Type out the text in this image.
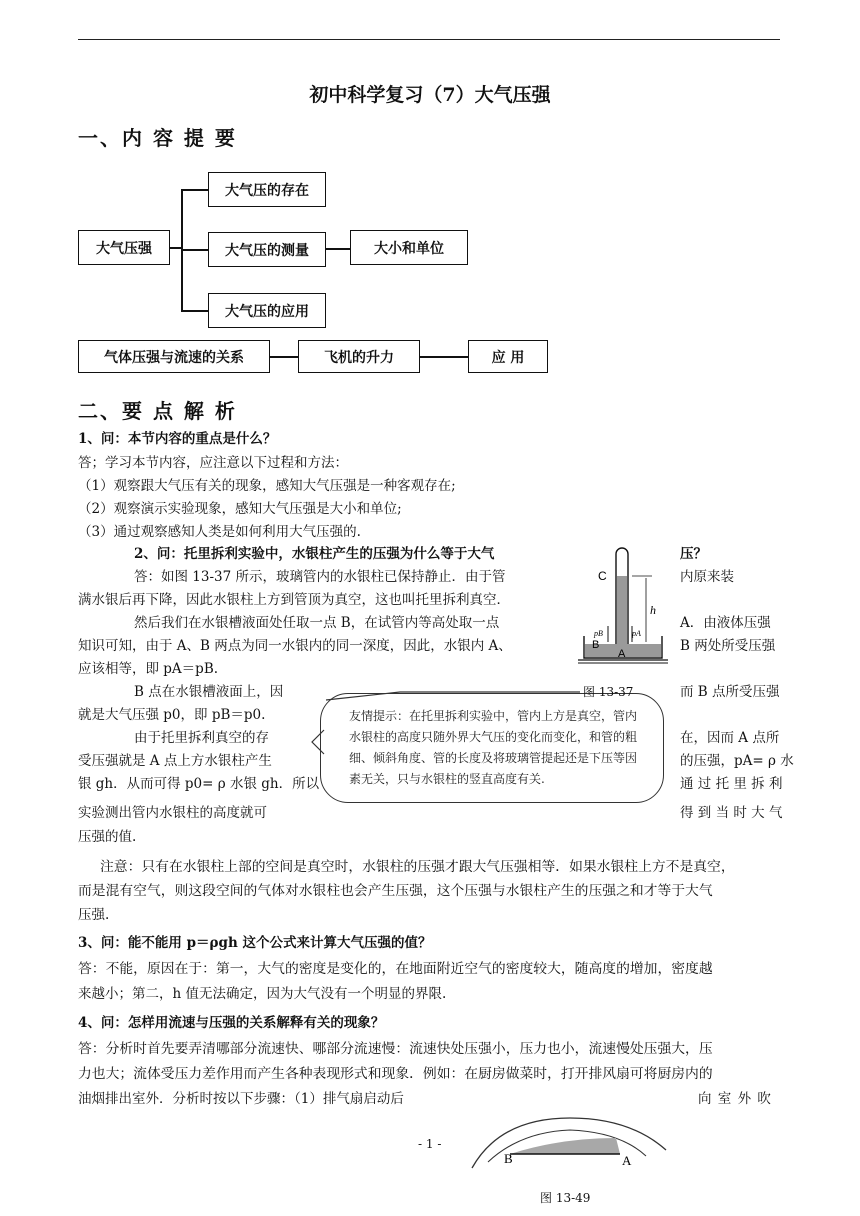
初中科学复习（7）大气压强
一、内 容 提 要
大气压强
大气压的存在
大气压的测量	大小和单位
大气压的应用
气体压强与流速的关系	飞机的升力	应 用
二、要 点 解 析
1、问：本节内容的重点是什么？
答；学习本节内容，应注意以下过程和方法：
（1）观察跟大气压有关的现象，感知大气压强是一种客观存在;
（2）观察演示实验现象，感知大气压强是大小和单位;
（3）通过观察感知人类是如何利用大气压强的.
2、问：托里拆利实验中，水银柱产生的压强为什么等于大气	压？
答：如图 13-37 所示，玻璃管内的水银柱已保持静止．由于管	内原来装
满水银后再下降，因此水银柱上方到管顶为真空，这也叫托里拆利真空．
然后我们在水银槽液面处任取一点 B，在试管内等高处取一点	A．由液体压强
知识可知，由于 A、B 两点为同一水银内的同一深度，因此，水银内 A、	B 两处所受压强
应该相等，即 pA＝pB.
B 点在水银槽液面上，因	而 B 点所受压强
就是大气压强 p0，即 pB＝p0.
由于托里拆利真空的存	在，因而 A 点所
受压强就是 A 点上方水银柱产生	的压强，pA= ρ 水
银 gh．从而可得 p0= ρ 水银 gh．所以	通 过 托 里 拆 利
实验测出管内水银柱的高度就可	得 到 当 时 大 气
压强的值.
友情提示：在托里拆利实验中，管内上方是真空，管内水银柱的高度只随外界大气压的变化而变化，和管的粗细、倾斜角度、管的长度及将玻璃管提起还是下压等因素无关，只与水银柱的竖直高度有关.
C
h
pB	pA
B
A
图 13-37
注意：只有在水银柱上部的空间是真空时，水银柱的压强才跟大气压强相等．如果水银柱上方不是真空，
而是混有空气，则这段空间的气体对水银柱也会产生压强，这个压强与水银柱产生的压强之和才等于大气
压强.
3、问：能不能用 p＝ρgh 这个公式来计算大气压强的值？
答：不能，原因在于：第一，大气的密度是变化的，在地面附近空气的密度较大，随高度的增加，密度越
来越小；第二，h 值无法确定，因为大气没有一个明显的界限.
4、问：怎样用流速与压强的关系解释有关的现象？
答：分析时首先要弄清哪部分流速快、哪部分流速慢：流速快处压强小，压力也小，流速慢处压强大，压
力也大；流体受压力差作用而产生各种表现形式和现象．例如：在厨房做菜时，打开排风扇可将厨房内的
油烟排出室外．分析时按以下步骤：（1）排气扇启动后	向 室 外 吹
B	A
图 13-49
- 1 -
